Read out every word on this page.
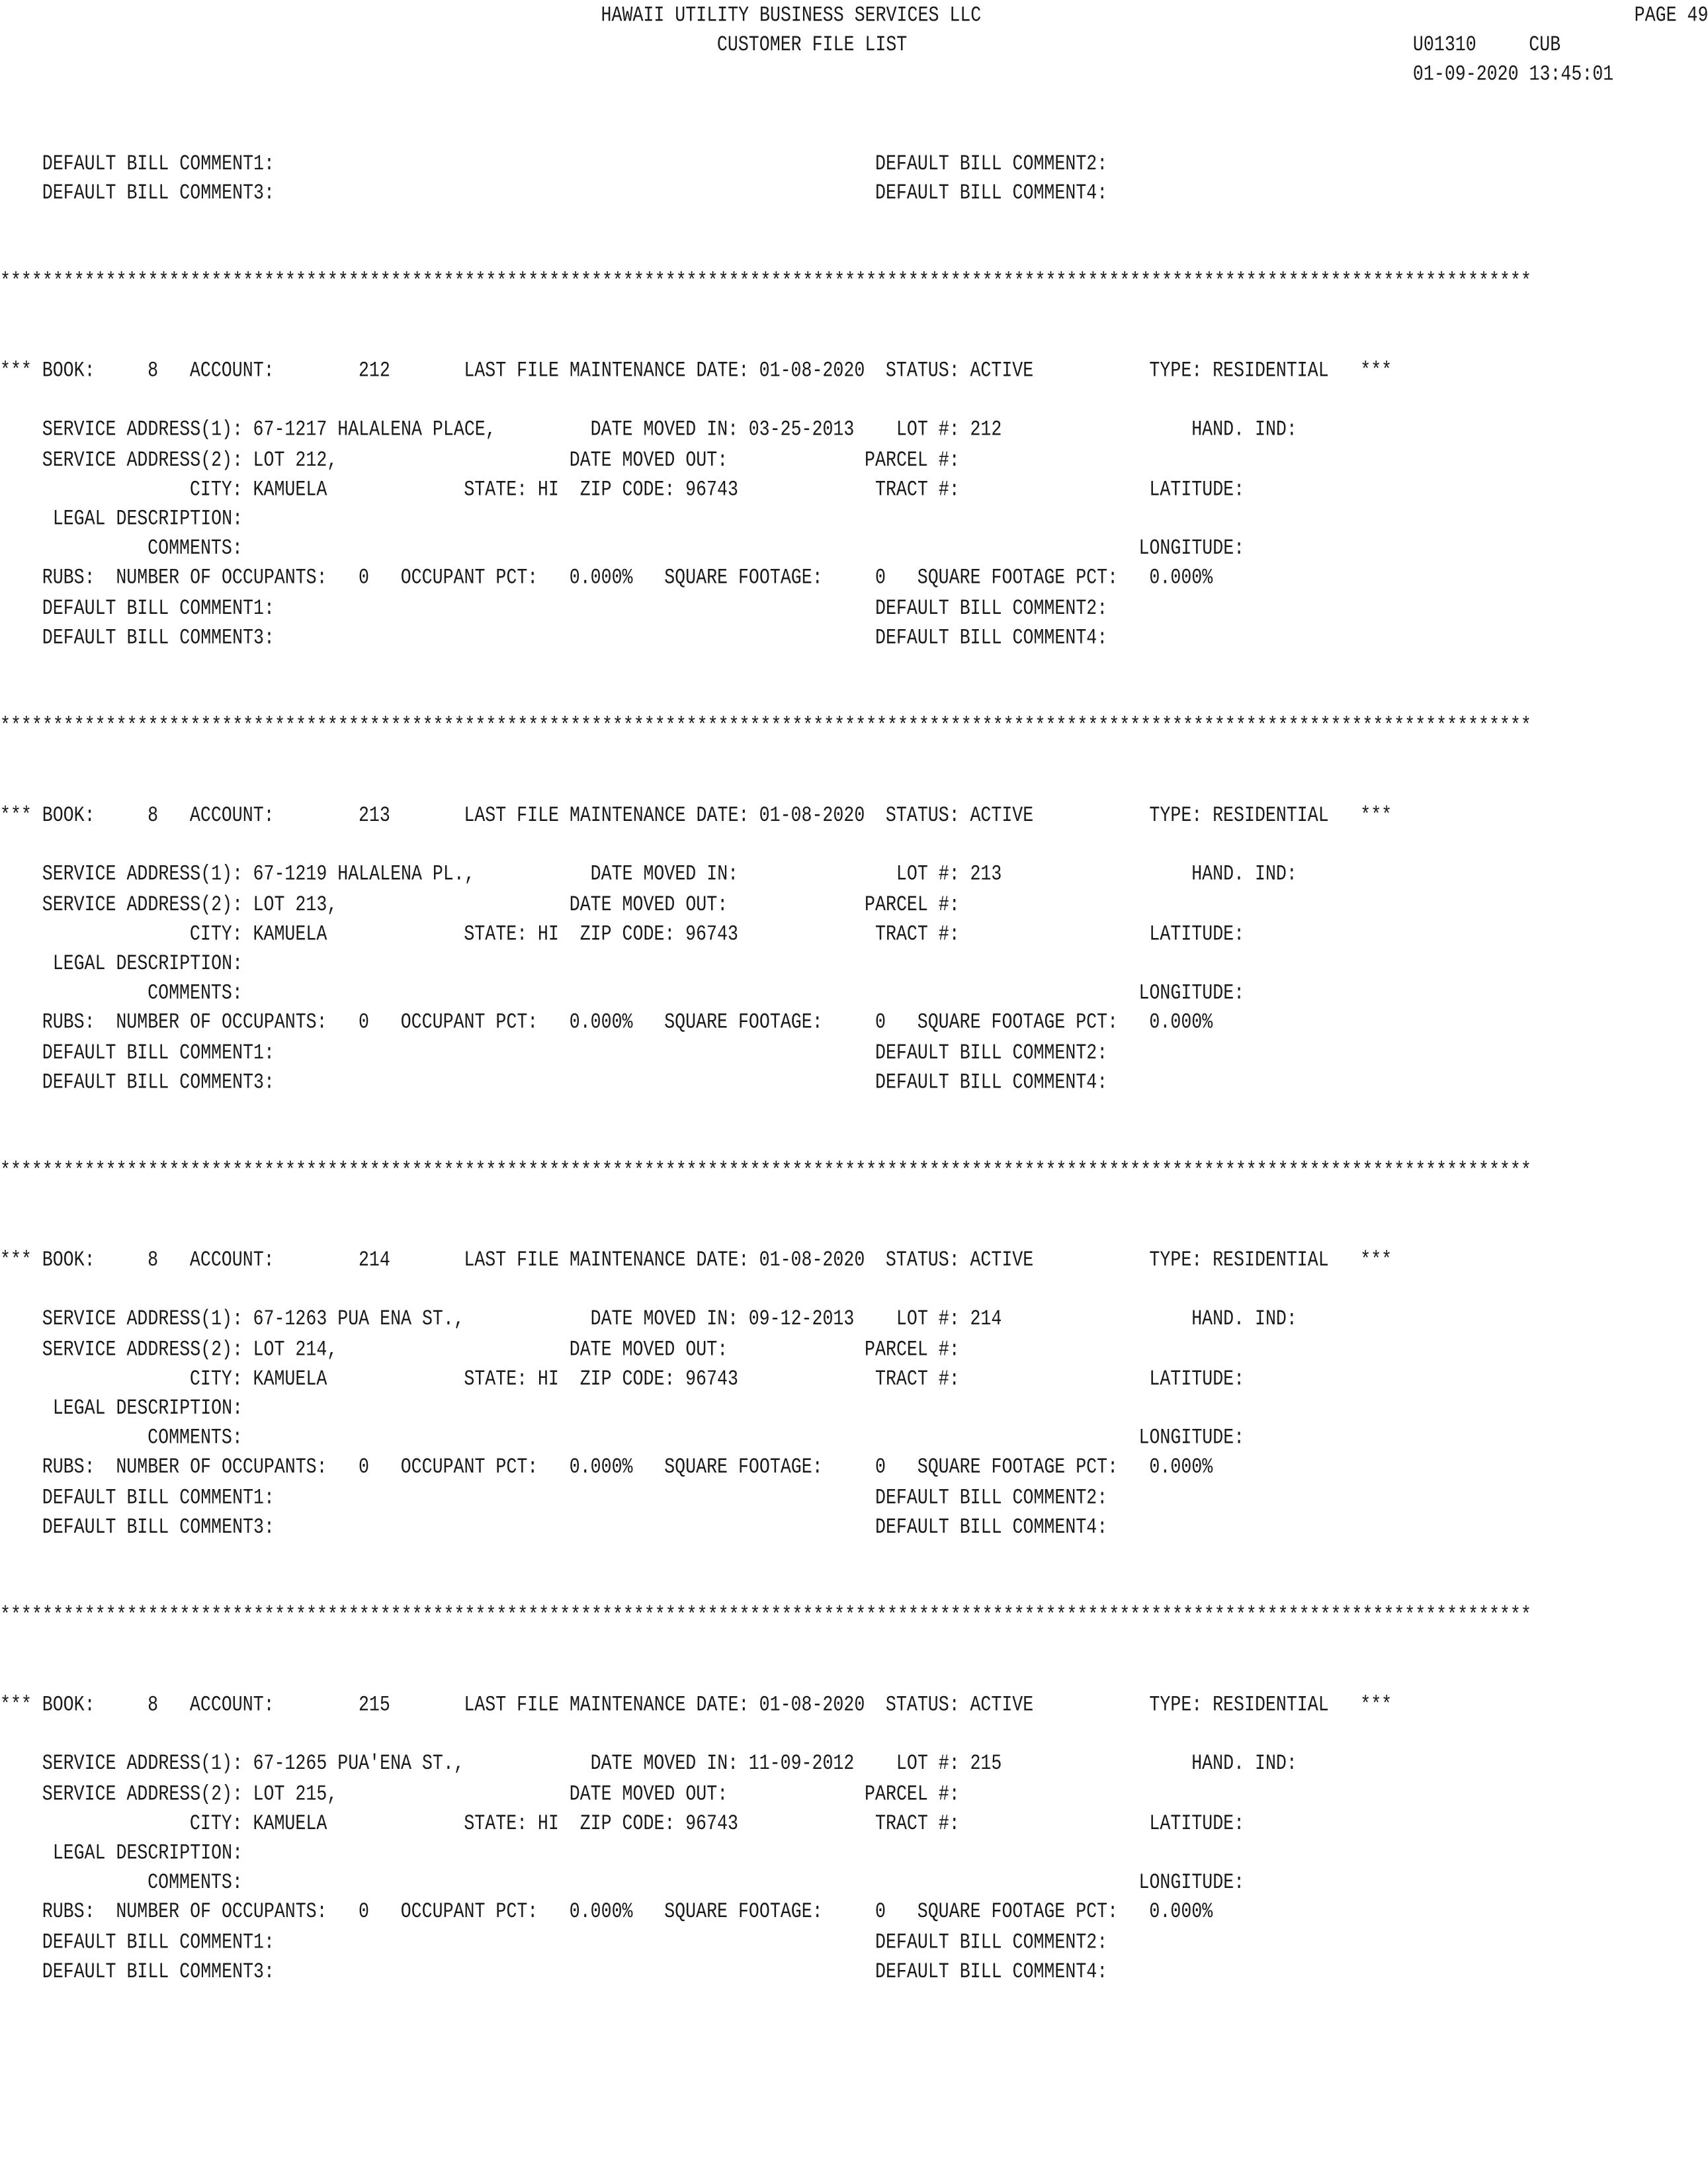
HAWAII UTILITY BUSINESS SERVICES LLC	PAGE 49
CUSTOMER FILE LIST	U01310	CUB
01-09-2020 13:45:01
DEFAULT BILL COMMENT1:	DEFAULT BILL COMMENT2:
DEFAULT BILL COMMENT3:	DEFAULT BILL COMMENT4:
*************************************************************************************************************************************************
*** BOOK:	8	ACCOUNT:	212	LAST FILE MAINTENANCE DATE: 01-08-2020 STATUS: ACTIVE	TYPE: RESIDENTIAL	***
SERVICE ADDRESS(1): 67-1217 HALALENA PLACE,	DATE MOVED IN: 03-25-2013	LOT #: 212	HAND. IND:
SERVICE ADDRESS(2): LOT 212,	DATE MOVED OUT:	PARCEL #:
CITY: KAMUELA	STATE: HI ZIP CODE: 96743	TRACT #:	LATITUDE:
LEGAL DESCRIPTION:
COMMENTS:	LONGITUDE:
RUBS: NUMBER OF OCCUPANTS:	0	OCCUPANT PCT:	0.000%	SQUARE FOOTAGE:	0	SQUARE FOOTAGE PCT:	0.000%
DEFAULT BILL COMMENT1:	DEFAULT BILL COMMENT2:
DEFAULT BILL COMMENT3:	DEFAULT BILL COMMENT4:
*************************************************************************************************************************************************
*** BOOK:	8	ACCOUNT:	213	LAST FILE MAINTENANCE DATE: 01-08-2020 STATUS: ACTIVE	TYPE: RESIDENTIAL	***
SERVICE ADDRESS(1): 67-1219 HALALENA PL.,	DATE MOVED IN:	LOT #: 213	HAND. IND:
SERVICE ADDRESS(2): LOT 213,	DATE MOVED OUT:	PARCEL #:
CITY: KAMUELA	STATE: HI ZIP CODE: 96743	TRACT #:	LATITUDE:
LEGAL DESCRIPTION:
COMMENTS:	LONGITUDE:
RUBS: NUMBER OF OCCUPANTS:	0	OCCUPANT PCT:	0.000%	SQUARE FOOTAGE:	0	SQUARE FOOTAGE PCT:	0.000%
DEFAULT BILL COMMENT1:	DEFAULT BILL COMMENT2:
DEFAULT BILL COMMENT3:	DEFAULT BILL COMMENT4:
*************************************************************************************************************************************************
*** BOOK:	8	ACCOUNT:	214	LAST FILE MAINTENANCE DATE: 01-08-2020 STATUS: ACTIVE	TYPE: RESIDENTIAL	***
SERVICE ADDRESS(1): 67-1263 PUA ENA ST.,	DATE MOVED IN: 09-12-2013	LOT #: 214	HAND. IND:
SERVICE ADDRESS(2): LOT 214,	DATE MOVED OUT:	PARCEL #:
CITY: KAMUELA	STATE: HI ZIP CODE: 96743	TRACT #:	LATITUDE:
LEGAL DESCRIPTION:
COMMENTS:	LONGITUDE:
RUBS: NUMBER OF OCCUPANTS:	0	OCCUPANT PCT:	0.000%	SQUARE FOOTAGE:	0	SQUARE FOOTAGE PCT:	0.000%
DEFAULT BILL COMMENT1:	DEFAULT BILL COMMENT2:
DEFAULT BILL COMMENT3:	DEFAULT BILL COMMENT4:
*************************************************************************************************************************************************
*** BOOK:	8	ACCOUNT:	215	LAST FILE MAINTENANCE DATE: 01-08-2020 STATUS: ACTIVE	TYPE: RESIDENTIAL	***
SERVICE ADDRESS(1): 67-1265 PUA'ENA ST.,	DATE MOVED IN: 11-09-2012	LOT #: 215	HAND. IND:
SERVICE ADDRESS(2): LOT 215,	DATE MOVED OUT:	PARCEL #:
CITY: KAMUELA	STATE: HI ZIP CODE: 96743	TRACT #:	LATITUDE:
LEGAL DESCRIPTION:
COMMENTS:	LONGITUDE:
RUBS: NUMBER OF OCCUPANTS:	0	OCCUPANT PCT:	0.000%	SQUARE FOOTAGE:	0	SQUARE FOOTAGE PCT:	0.000%
DEFAULT BILL COMMENT1:	DEFAULT BILL COMMENT2:
DEFAULT BILL COMMENT3:	DEFAULT BILL COMMENT4:
